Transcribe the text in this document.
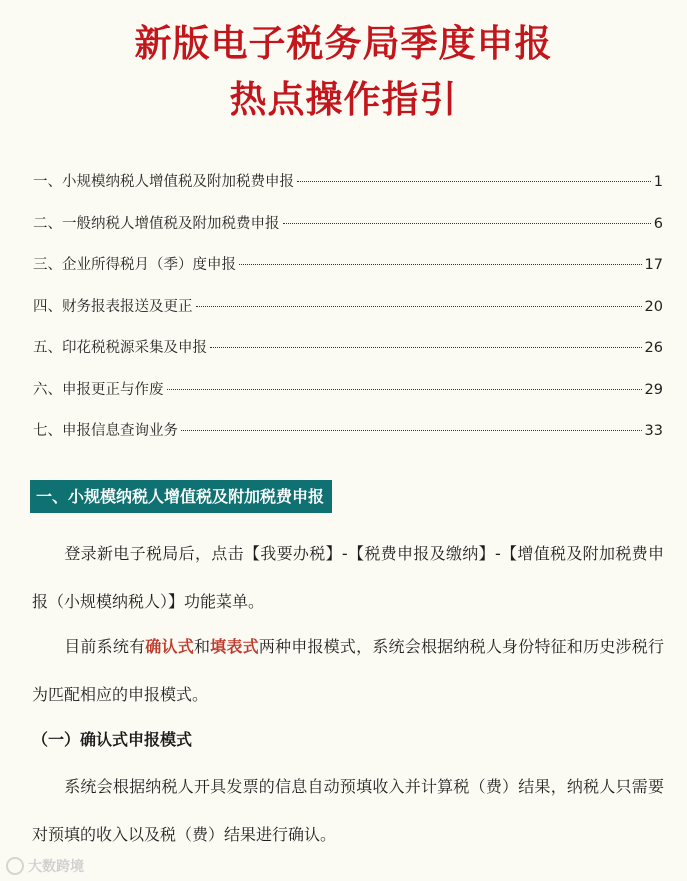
新版电子税务局季度申报
热点操作指引
一、小规模纳税人增值税及附加税费申报	1
二、一般纳税人增值税及附加税费申报	6
三、企业所得税月（季）度申报	17
四、财务报表报送及更正	20
五、印花税税源采集及申报	26
六、申报更正与作废	29
七、申报信息查询业务	33
一、小规模纳税人增值税及附加税费申报

登录新电子税局后，点击【我要办税】-【税费申报及缴纳】-【增值税及附加税费申报（小规模纳税人）】功能菜单。

目前系统有确认式和填表式两种申报模式，系统会根据纳税人身份特征和历史涉税行为匹配相应的申报模式。

（一）确认式申报模式

系统会根据纳税人开具发票的信息自动预填收入并计算税（费）结果，纳税人只需要对预填的收入以及税（费）结果进行确认。

大数跨境
